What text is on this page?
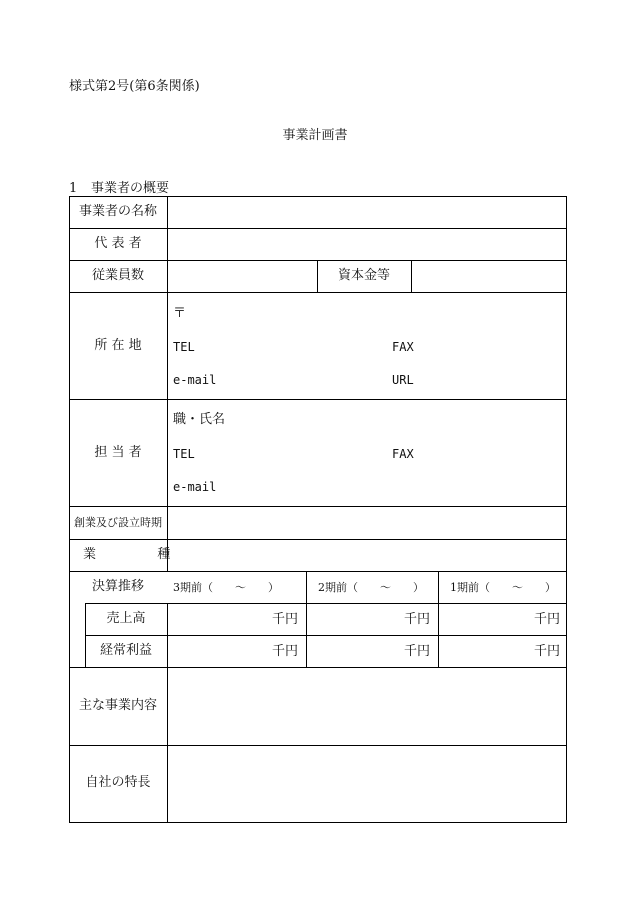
様式第2号(第6条関係)
事業計画書
1 事業者の概要
事業者の名称
代 表 者
従業員数	資本金等
所 在 地
〒
TEL	FAX
e-mail	URL
担 当 者
職・氏名
TEL	FAX
e-mail
創業及び設立時期
業 種
決算推移	3期前（　　～　　）	2期前（　　～　　） 1期前（　　～　　）
売上高	千円	千円	千円
経常利益	千円	千円	千円
主な事業内容
自社の特長
